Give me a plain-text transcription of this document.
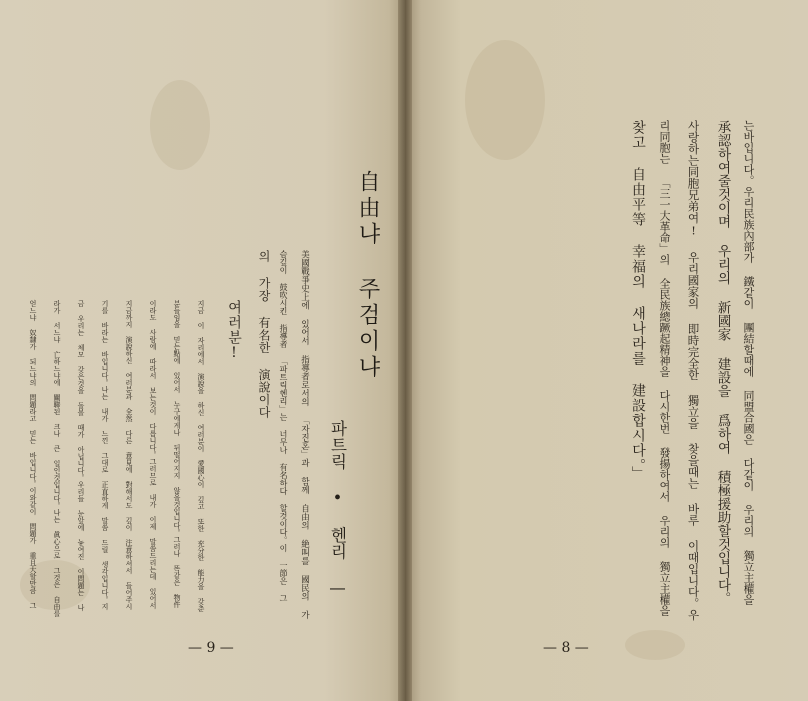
지금 이 자리에서 演說을 하신 여러분이 愛國心이 깊고 또한 充分한 能力을 갖춘
분들임을 믿는點에 있어서 누구에게나 뒤떨어지지 않을것입니다。그러나 똑같은 物件
이라도 사람에 따라서 보는것이 다릅니다。그러므로 내가 이제 말씀드리는데 있어서
지금까지 演說하신 여러분과 全然 다른 意見에 對해서도 깊이 注意하셔서 들어주시
기를 바라는 바입니다。나는 내가 느낀 그대로 正直하게 말씀 드릴 생각입니다。지
금 우리는 체모 갖은것을 돌볼 때가 아닙니다。우리들 눈앞에 놓여진 이問題는 나
라가 서느냐 亡하느냐에 關聯된 크나 큰 일인것입니다。나는 眞心으로 그것은 自由를
얻느냐 奴隸가 되느냐의 問題라고 믿는 바입니다。이와같이 問題가 重且大할만큼 그	여러분!	美國戰爭史上에 있어서 指導者로서의 「자진혼」과 함께 自由의 絶叫를 國民의 가
슴깊이 鼓吹시킨 指導者 「파트릭헨리」는 너무나 有名하다 할것이다。이 一節은 그
의 가장 有名한 演說이다	自由냐 주검이냐
파트릭 • 헨리 —
— 9 —
는바입니다。우리民族內部가 鐵같이 團結할때에 同盟合國은 다같이 우리의 獨立主權을
承認하여줄것이며 우리의 新國家 建設을 爲하여 積極援助할것입니다。
사랑하는同胞兄弟여! 우리國家의 即時完全한 獨立을 찾을때는 바루 이때입니다。우
리同胞는 「三一大革命」의 全民族總蹶起精神을 다시한번 發揚하여서 우리의 獨立主權을
찾고 自由平等 幸福의 새나라를 建設합시다。」
— 8 —
